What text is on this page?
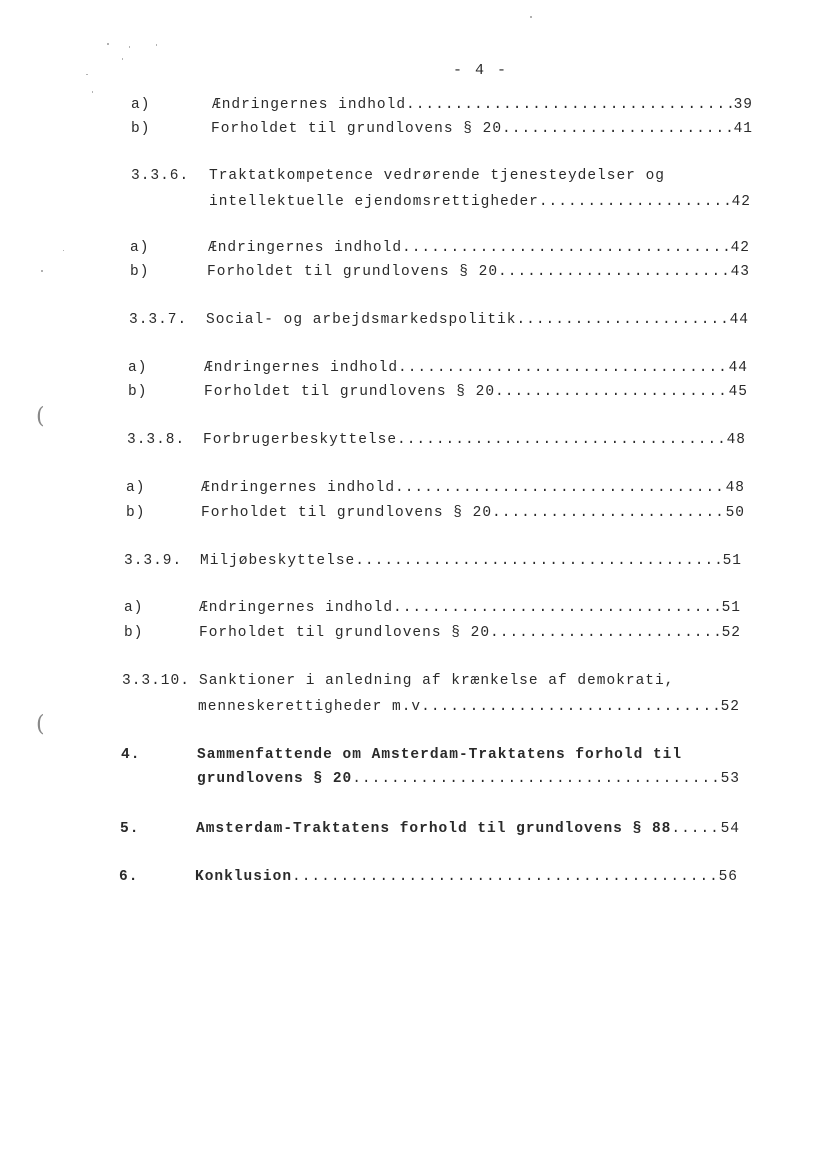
- 4 -
a)	Ændringernes indhold .....	39
b)	Forholdet til grundlovens § 20 .....	41
3.3.6. Traktatkompetence vedrørende tjenesteydelser og
intellektuelle ejendomsrettigheder .....	42
a)	Ændringernes indhold .....	42
b)	Forholdet til grundlovens § 20 .....	43
3.3.7. Social- og arbejdsmarkedspolitik .....	44
a)	Ændringernes indhold .....	44
b)	Forholdet til grundlovens § 20 .....	45
3.3.8. Forbrugerbeskyttelse .....	48
a)	Ændringernes indhold .....	48
b)	Forholdet til grundlovens § 20 .....	50
3.3.9. Miljøbeskyttelse .....	51
a)	Ændringernes indhold .....	51
b)	Forholdet til grundlovens § 20 .....	52
3.3.10. Sanktioner i anledning af krænkelse af demokrati,
menneskerettigheder m.v .....	52
4.	Sammenfattende om Amsterdam-Traktatens forhold til
grundlovens § 20 .....	53
5.	Amsterdam-Traktatens forhold til grundlovens § 88 .....	54
6.	Konklusion .....	56
(
(
